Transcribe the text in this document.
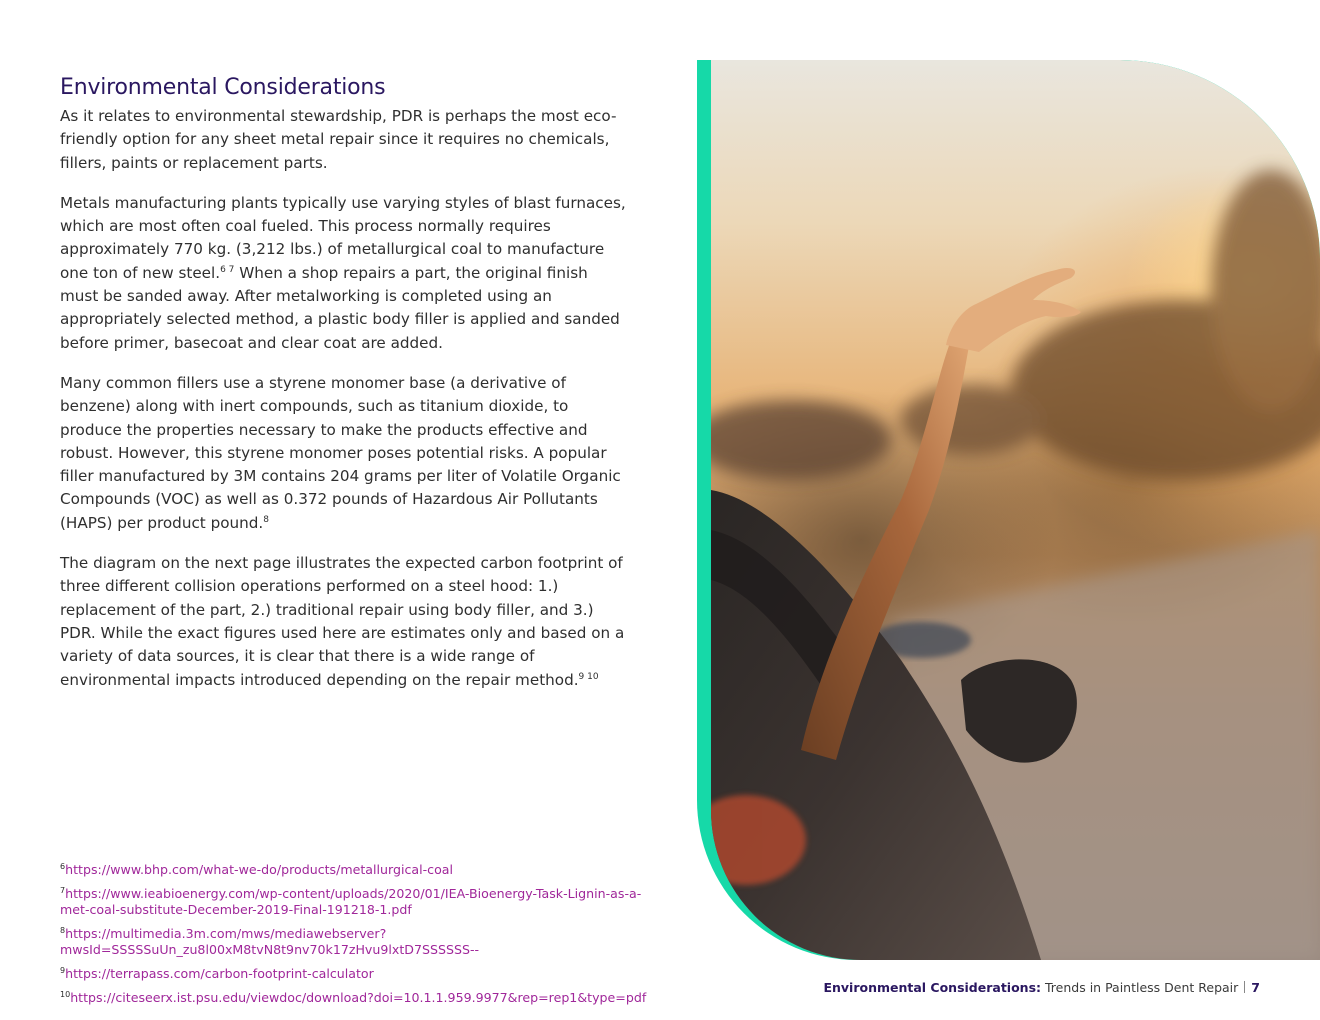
Environmental Considerations

As it relates to environmental stewardship, PDR is perhaps the most eco-friendly option for any sheet metal repair since it requires no chemicals, fillers, paints or replacement parts.

Metals manufacturing plants typically use varying styles of blast furnaces, which are most often coal fueled. This process normally requires approximately 770 kg. (3,212 lbs.) of metallurgical coal to manufacture one ton of new steel.$^{6 7}$ When a shop repairs a part, the original finish must be sanded away. After metalworking is completed using an appropriately selected method, a plastic body filler is applied and sanded before primer, basecoat and clear coat are added.

Many common fillers use a styrene monomer base (a derivative of benzene) along with inert compounds, such as titanium dioxide, to produce the properties necessary to make the products effective and robust. However, this styrene monomer poses potential risks. A popular filler manufactured by 3M contains 204 grams per liter of Volatile Organic Compounds (VOC) as well as 0.372 pounds of Hazardous Air Pollutants (HAPS) per product pound.$^8$

The diagram on the next page illustrates the expected carbon footprint of three different collision operations performed on a steel hood: 1.) replacement of the part, 2.) traditional repair using body filler, and 3.) PDR. While the exact figures used here are estimates only and based on a variety of data sources, it is clear that there is a wide range of environmental impacts introduced depending on the repair method.$^{9 10}$

$^6$https://www.bhp.com/what-we-do/products/metallurgical-coal
$^7$https://www.ieabioenergy.com/wp-content/uploads/2020/01/IEA-Bioenergy-Task-Lignin-as-a-met-coal-substitute-December-2019-Final-191218-1.pdf
$^8$https://multimedia.3m.com/mws/mediawebserver?mwsId=SSSSSuUn_zu8l00xM8tvN8t9nv70k17zHvu9lxtD7SSSSSS--
$^9$https://terrapass.com/carbon-footprint-calculator
$^{10}$https://citeseerx.ist.psu.edu/viewdoc/download?doi=10.1.1.959.9977&rep=rep1&type=pdf
Environmental Considerations: Trends in Paintless Dent Repair 7
